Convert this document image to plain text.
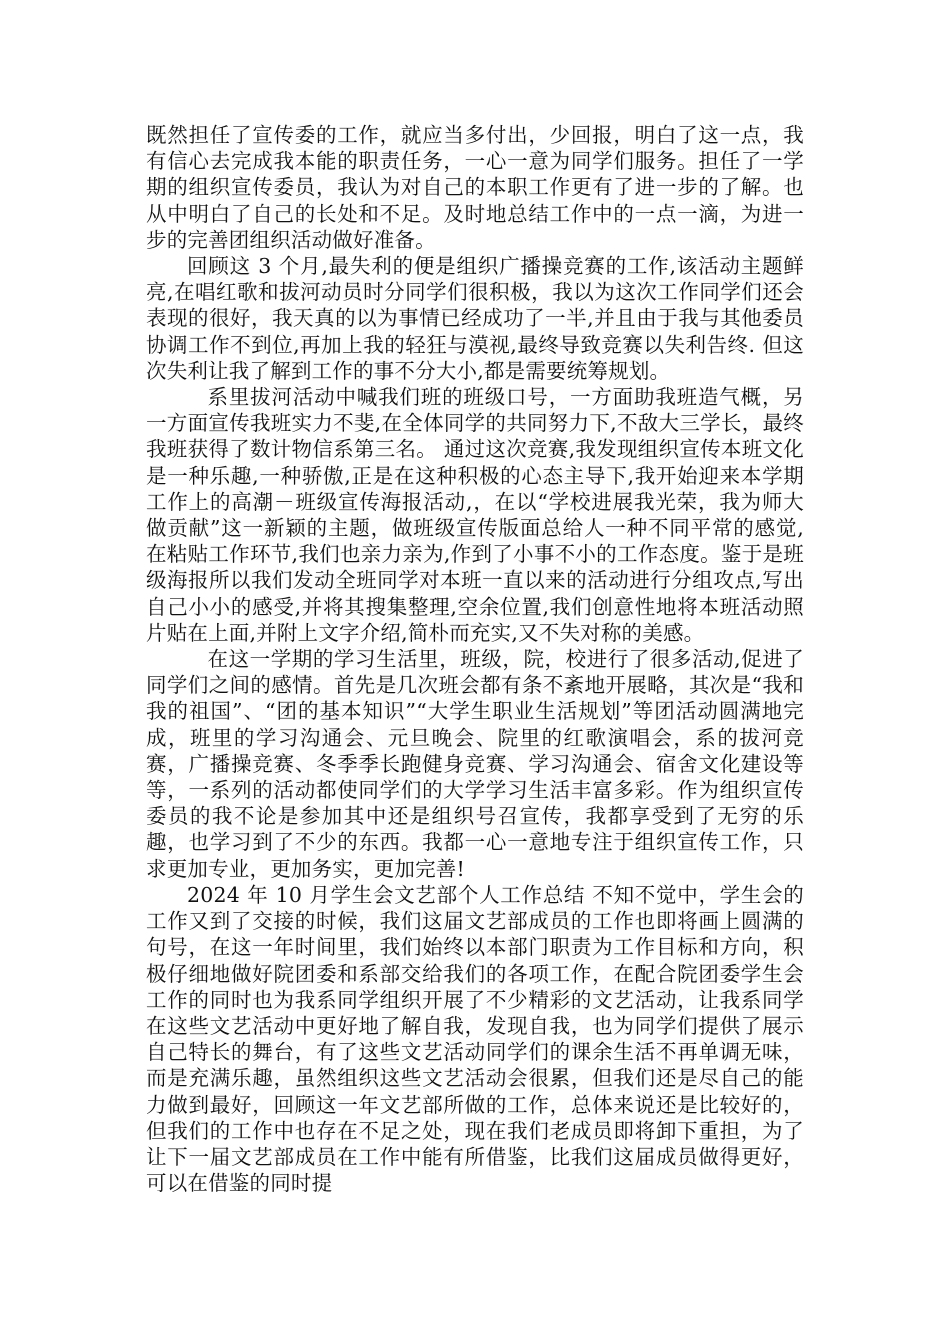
既然担任了宣传委的工作，就应当多付出，少回报，明白了这一点，我有信心去完成我本能的职责任务，一心一意为同学们服务。担任了一学期的组织宣传委员，我认为对自己的本职工作更有了进一步的了解。也从中明白了自己的长处和不足。及时地总结工作中的一点一滴，为进一步的完善团组织活动做好准备。

回顾这 3 个月,最失利的便是组织广播操竞赛的工作,该活动主题鲜亮,在唱红歌和拔河动员时分同学们很积极，我以为这次工作同学们还会表现的很好，我天真的以为事情已经成功了一半,并且由于我与其他委员协调工作不到位,再加上我的轻狂与漠视,最终导致竞赛以失利告终. 但这次失利让我了解到工作的事不分大小,都是需要统筹规划。

系里拔河活动中喊我们班的班级口号，一方面助我班造气概，另一方面宣传我班实力不斐,在全体同学的共同努力下,不敌大三学长，最终我班获得了数计物信系第三名。 通过这次竞赛,我发现组织宣传本班文化是一种乐趣,一种骄傲,正是在这种积极的心态主导下,我开始迎来本学期工作上的高潮－班级宣传海报活动,，在以“学校进展我光荣，我为师大做贡献”这一新颖的主题，做班级宣传版面总给人一种不同平常的感觉,在粘贴工作环节,我们也亲力亲为,作到了小事不小的工作态度。鉴于是班级海报所以我们发动全班同学对本班一直以来的活动进行分组攻点,写出自己小小的感受,并将其搜集整理,空余位置,我们创意性地将本班活动照片贴在上面,并附上文字介绍,简朴而充实,又不失对称的美感。

在这一学期的学习生活里，班级，院，校进行了很多活动,促进了同学们之间的感情。首先是几次班会都有条不紊地开展略，其次是“我和我的祖国”、“团的基本知识”“大学生职业生活规划”等团活动圆满地完成，班里的学习沟通会、元旦晚会、院里的红歌演唱会，系的拔河竞赛，广播操竞赛、冬季季长跑健身竞赛、学习沟通会、宿舍文化建设等等，一系列的活动都使同学们的大学学习生活丰富多彩。作为组织宣传委员的我不论是参加其中还是组织号召宣传，我都享受到了无穷的乐趣，也学习到了不少的东西。我都一心一意地专注于组织宣传工作，只求更加专业，更加务实，更加完善!

2024 年 10 月学生会文艺部个人工作总结 不知不觉中，学生会的工作又到了交接的时候，我们这届文艺部成员的工作也即将画上圆满的句号，在这一年时间里，我们始终以本部门职责为工作目标和方向，积极仔细地做好院团委和系部交给我们的各项工作，在配合院团委学生会工作的同时也为我系同学组织开展了不少精彩的文艺活动，让我系同学在这些文艺活动中更好地了解自我，发现自我，也为同学们提供了展示自己特长的舞台，有了这些文艺活动同学们的课余生活不再单调无味，而是充满乐趣，虽然组织这些文艺活动会很累，但我们还是尽自己的能力做到最好，回顾这一年文艺部所做的工作，总体来说还是比较好的，但我们的工作中也存在不足之处，现在我们老成员即将卸下重担，为了让下一届文艺部成员在工作中能有所借鉴，比我们这届成员做得更好，可以在借鉴的同时提
